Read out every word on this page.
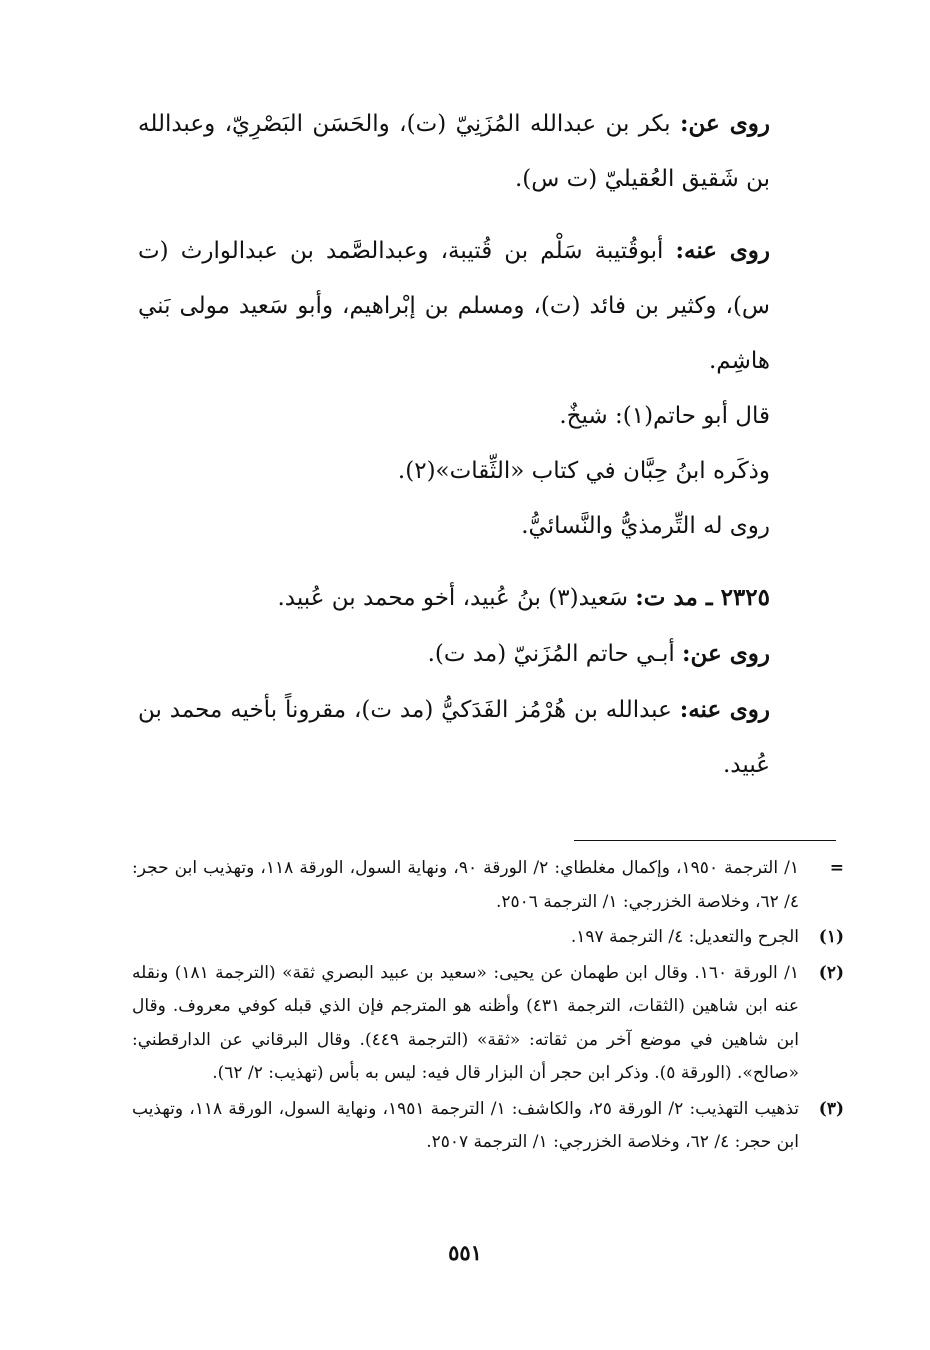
روى عن: بكر بن عبدالله المُزَنِيّ (ت)، والحَسَن البَصْرِيّ، وعبدالله بن شَقيق العُقيليّ (ت س).

روى عنه: أبوقُتيبة سَلْم بن قُتيبة، وعبدالصَّمد بن عبدالوارث (ت س)، وكثير بن فائد (ت)، ومسلم بن إبْراهيم، وأبو سَعيد مولى بَني هاشِم.

قال أبو حاتم(١): شيخٌ.

وذكَره ابنُ حِبَّان في كتاب «الثِّقات»(٢).

روى له التِّرمذيُّ والنَّسائيُّ.

٢٣٢٥ ـ مد ت: سَعيد(٣) بنُ عُبيد، أخو محمد بن عُبيد.

روى عن: أبـي حاتم المُزَنيّ (مد ت).

روى عنه: عبدالله بن هُرْمُز الفَدَكيُّ (مد ت)، مقروناً بأخيه محمد بن عُبيد.

=
١/ الترجمة ١٩٥٠، وإكمال مغلطاي: ٢/ الورقة ٩٠، ونهاية السول، الورقة ١١٨، وتهذيب ابن حجر: ٤/ ٦٢، وخلاصة الخزرجي: ١/ الترجمة ٢٥٠٦.

(١)
الجرح والتعديل: ٤/ الترجمة ١٩٧.

(٢)
١/ الورقة ١٦٠. وقال ابن طهمان عن يحيى: «سعيد بن عبيد البصري ثقة» (الترجمة ١٨١) ونقله عنه ابن شاهين (الثقات، الترجمة ٤٣١) وأظنه هو المترجم فإن الذي قبله كوفي معروف. وقال ابن شاهين في موضع آخر من ثقاته: «ثقة» (الترجمة ٤٤٩). وقال البرقاني عن الدارقطني: «صالح». (الورقة ٥). وذكر ابن حجر أن البزار قال فيه: ليس به بأس (تهذيب: ٢/ ٦٢).

(٣)
تذهيب التهذيب: ٢/ الورقة ٢٥، والكاشف: ١/ الترجمة ١٩٥١، ونهاية السول، الورقة ١١٨، وتهذيب ابن حجر: ٤/ ٦٢، وخلاصة الخزرجي: ١/ الترجمة ٢٥٠٧.

٥٥١
